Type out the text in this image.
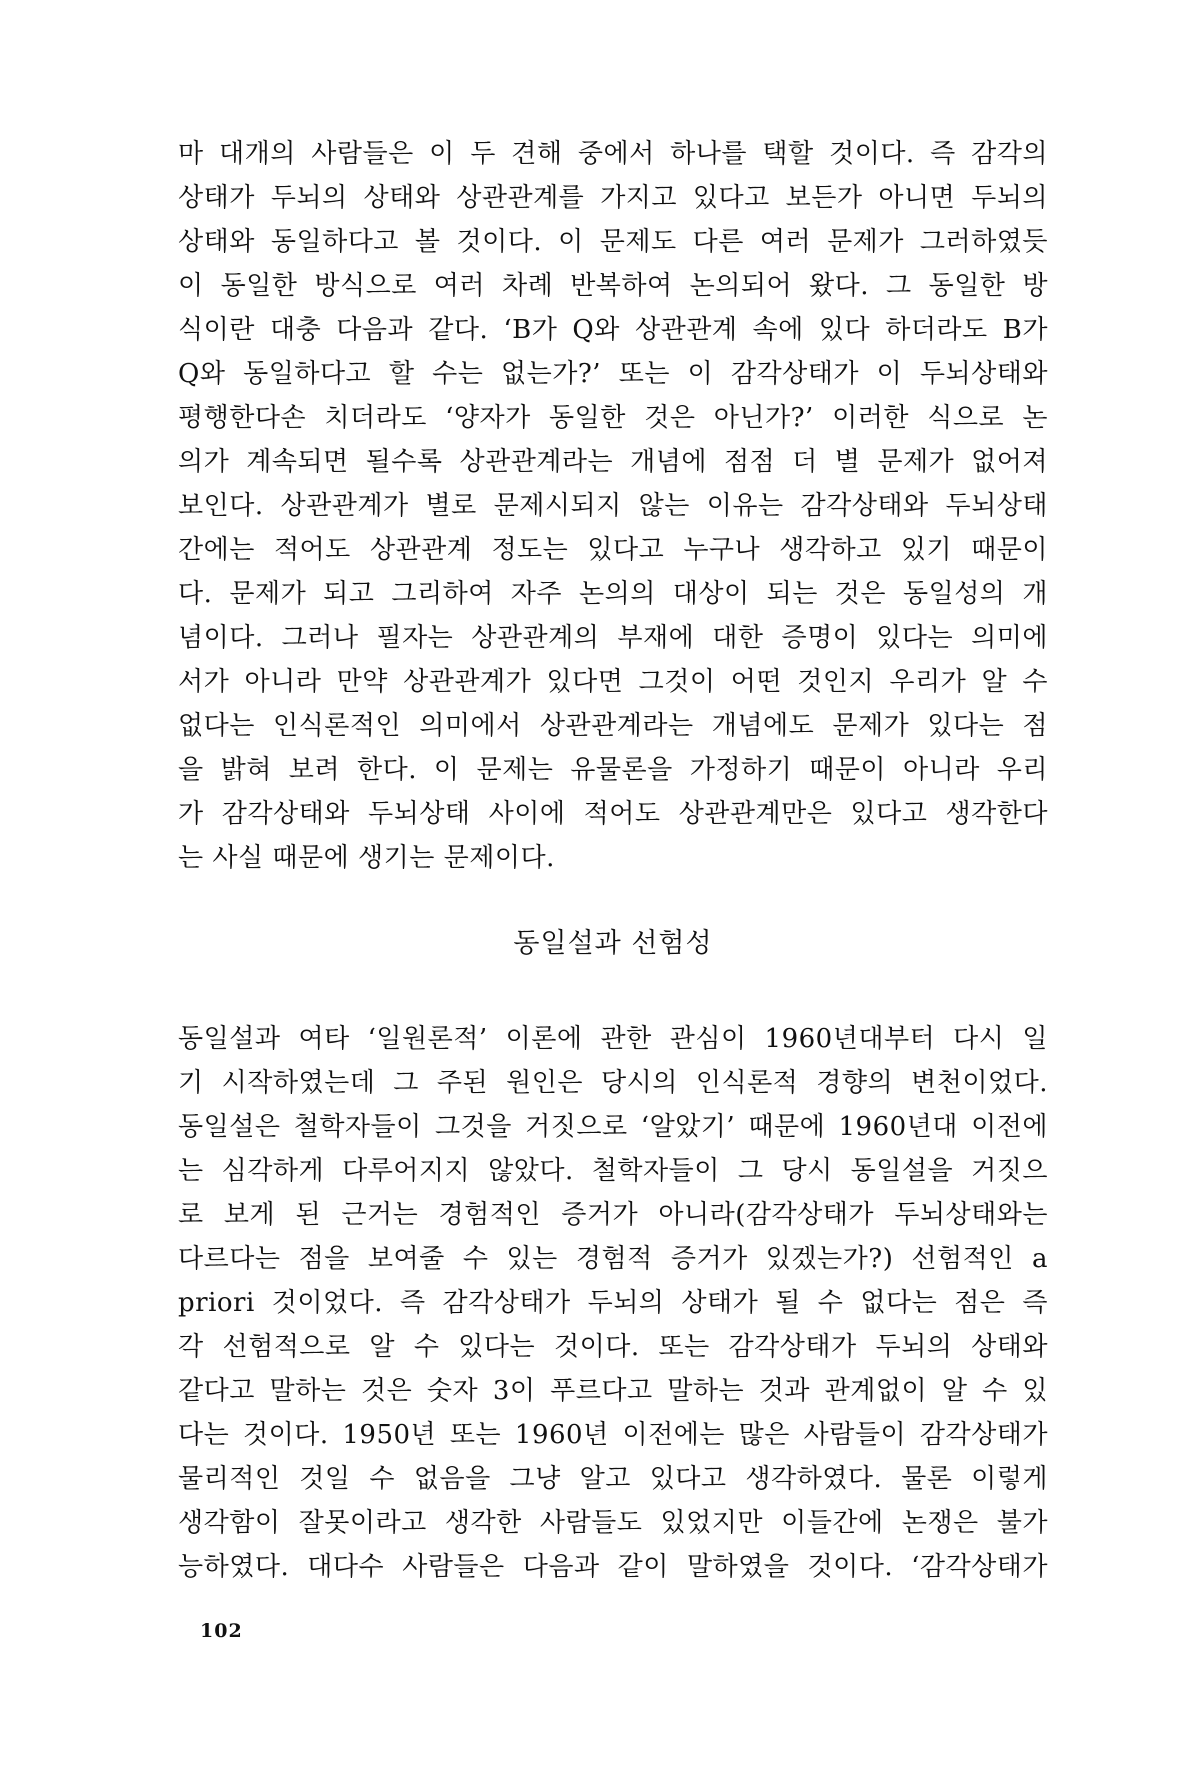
마 대개의 사람들은 이 두 견해 중에서 하나를 택할 것이다. 즉 감각의
상태가 두뇌의 상태와 상관관계를 가지고 있다고 보든가 아니면 두뇌의
상태와 동일하다고 볼 것이다. 이 문제도 다른 여러 문제가 그러하였듯
이 동일한 방식으로 여러 차례 반복하여 논의되어 왔다. 그 동일한 방
식이란 대충 다음과 같다. ‘B가 Q와 상관관계 속에 있다 하더라도 B가
Q와 동일하다고 할 수는 없는가?’ 또는 이 감각상태가 이 두뇌상태와
평행한다손 치더라도 ‘양자가 동일한 것은 아닌가?’ 이러한 식으로 논
의가 계속되면 될수록 상관관계라는 개념에 점점 더 별 문제가 없어져
보인다. 상관관계가 별로 문제시되지 않는 이유는 감각상태와 두뇌상태
간에는 적어도 상관관계 정도는 있다고 누구나 생각하고 있기 때문이
다. 문제가 되고 그리하여 자주 논의의 대상이 되는 것은 동일성의 개
념이다. 그러나 필자는 상관관계의 부재에 대한 증명이 있다는 의미에
서가 아니라 만약 상관관계가 있다면 그것이 어떤 것인지 우리가 알 수
없다는 인식론적인 의미에서 상관관계라는 개념에도 문제가 있다는 점
을 밝혀 보려 한다. 이 문제는 유물론을 가정하기 때문이 아니라 우리
가 감각상태와 두뇌상태 사이에 적어도 상관관계만은 있다고 생각한다
는 사실 때문에 생기는 문제이다.
동일설과 선험성
동일설과 여타 ‘일원론적’ 이론에 관한 관심이 1960년대부터 다시 일
기 시작하였는데 그 주된 원인은 당시의 인식론적 경향의 변천이었다.
동일설은 철학자들이 그것을 거짓으로 ‘알았기’ 때문에 1960년대 이전에
는 심각하게 다루어지지 않았다. 철학자들이 그 당시 동일설을 거짓으
로 보게 된 근거는 경험적인 증거가 아니라(감각상태가 두뇌상태와는
다르다는 점을 보여줄 수 있는 경험적 증거가 있겠는가?) 선험적인 a
priori 것이었다. 즉 감각상태가 두뇌의 상태가 될 수 없다는 점은 즉
각 선험적으로 알 수 있다는 것이다. 또는 감각상태가 두뇌의 상태와
같다고 말하는 것은 숫자 3이 푸르다고 말하는 것과 관계없이 알 수 있
다는 것이다. 1950년 또는 1960년 이전에는 많은 사람들이 감각상태가
물리적인 것일 수 없음을 그냥 알고 있다고 생각하였다. 물론 이렇게
생각함이 잘못이라고 생각한 사람들도 있었지만 이들간에 논쟁은 불가
능하였다. 대다수 사람들은 다음과 같이 말하였을 것이다. ‘감각상태가
102
